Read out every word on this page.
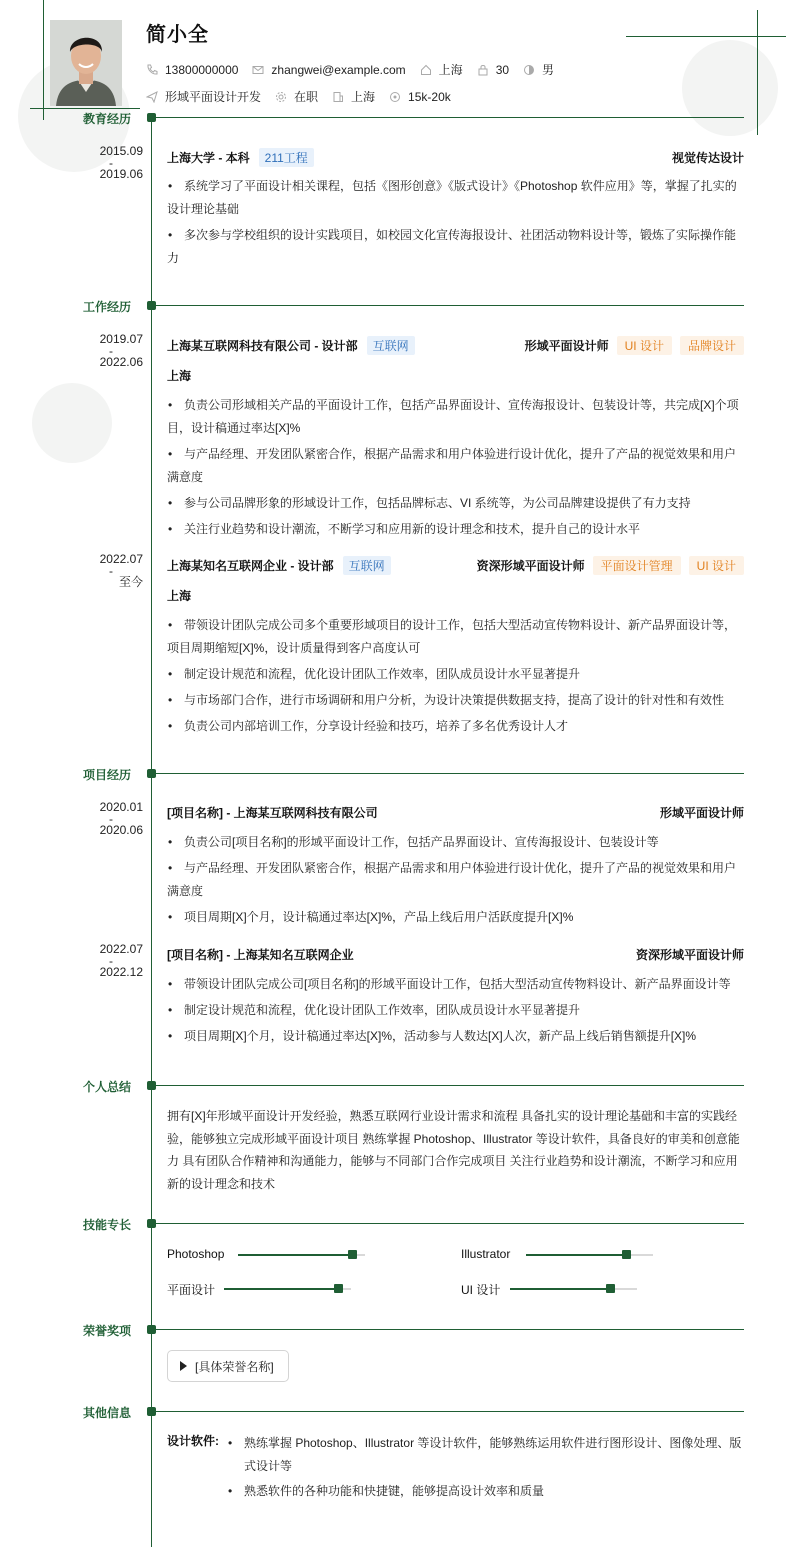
简小全
13800000000	zhangwei@example.com	上海	30	男
形域平面设计开发	在职	上海	15k-20k
教育经历
2015.09
-
2019.06
上海大学 - 本科	211工程	视觉传达设计
• 系统学习了平面设计相关课程，包括《图形创意》《版式设计》《Photoshop 软件应用》等，掌握了扎实的设计理论基础
• 多次参与学校组织的设计实践项目，如校园文化宣传海报设计、社团活动物料设计等，锻炼了实际操作能力
工作经历
2019.07
-
2022.06
上海某互联网科技有限公司 - 设计部	互联网	形域平面设计师	UI 设计	品牌设计
上海
• 负责公司形域相关产品的平面设计工作，包括产品界面设计、宣传海报设计、包装设计等，共完成[X]个项目，设计稿通过率达[X]%
• 与产品经理、开发团队紧密合作，根据产品需求和用户体验进行设计优化，提升了产品的视觉效果和用户满意度
• 参与公司品牌形象的形域设计工作，包括品牌标志、VI 系统等，为公司品牌建设提供了有力支持
• 关注行业趋势和设计潮流，不断学习和应用新的设计理念和技术，提升自己的设计水平
2022.07
-
至今
上海某知名互联网企业 - 设计部	互联网	资深形域平面设计师	平面设计管理	UI 设计
上海
• 带领设计团队完成公司多个重要形域项目的设计工作，包括大型活动宣传物料设计、新产品界面设计等，项目周期缩短[X]%，设计质量得到客户高度认可
• 制定设计规范和流程，优化设计团队工作效率，团队成员设计水平显著提升
• 与市场部门合作，进行市场调研和用户分析，为设计决策提供数据支持，提高了设计的针对性和有效性
• 负责公司内部培训工作，分享设计经验和技巧，培养了多名优秀设计人才
项目经历
2020.01
-
2020.06
[项目名称] - 上海某互联网科技有限公司	形域平面设计师
• 负责公司[项目名称]的形域平面设计工作，包括产品界面设计、宣传海报设计、包装设计等
• 与产品经理、开发团队紧密合作，根据产品需求和用户体验进行设计优化，提升了产品的视觉效果和用户满意度
• 项目周期[X]个月，设计稿通过率达[X]%，产品上线后用户活跃度提升[X]%
2022.07
-
2022.12
[项目名称] - 上海某知名互联网企业	资深形域平面设计师
• 带领设计团队完成公司[项目名称]的形域平面设计工作，包括大型活动宣传物料设计、新产品界面设计等
• 制定设计规范和流程，优化设计团队工作效率，团队成员设计水平显著提升
• 项目周期[X]个月，设计稿通过率达[X]%，活动参与人数达[X]人次，新产品上线后销售额提升[X]%
个人总结
拥有[X]年形域平面设计开发经验，熟悉互联网行业设计需求和流程 具备扎实的设计理论基础和丰富的实践经验，能够独立完成形域平面设计项目 熟练掌握 Photoshop、Illustrator 等设计软件，具备良好的审美和创意能力 具有团队合作精神和沟通能力，能够与不同部门合作完成项目 关注行业趋势和设计潮流，不断学习和应用新的设计理念和技术
技能专长
Photoshop	Illustrator
平面设计	UI 设计
荣誉奖项
[具体荣誉名称]
其他信息
设计软件:
•	熟练掌握 Photoshop、Illustrator 等设计软件，能够熟练运用软件进行图形设计、图像处理、版式设计等
• 熟悉软件的各种功能和快捷键，能够提高设计效率和质量
